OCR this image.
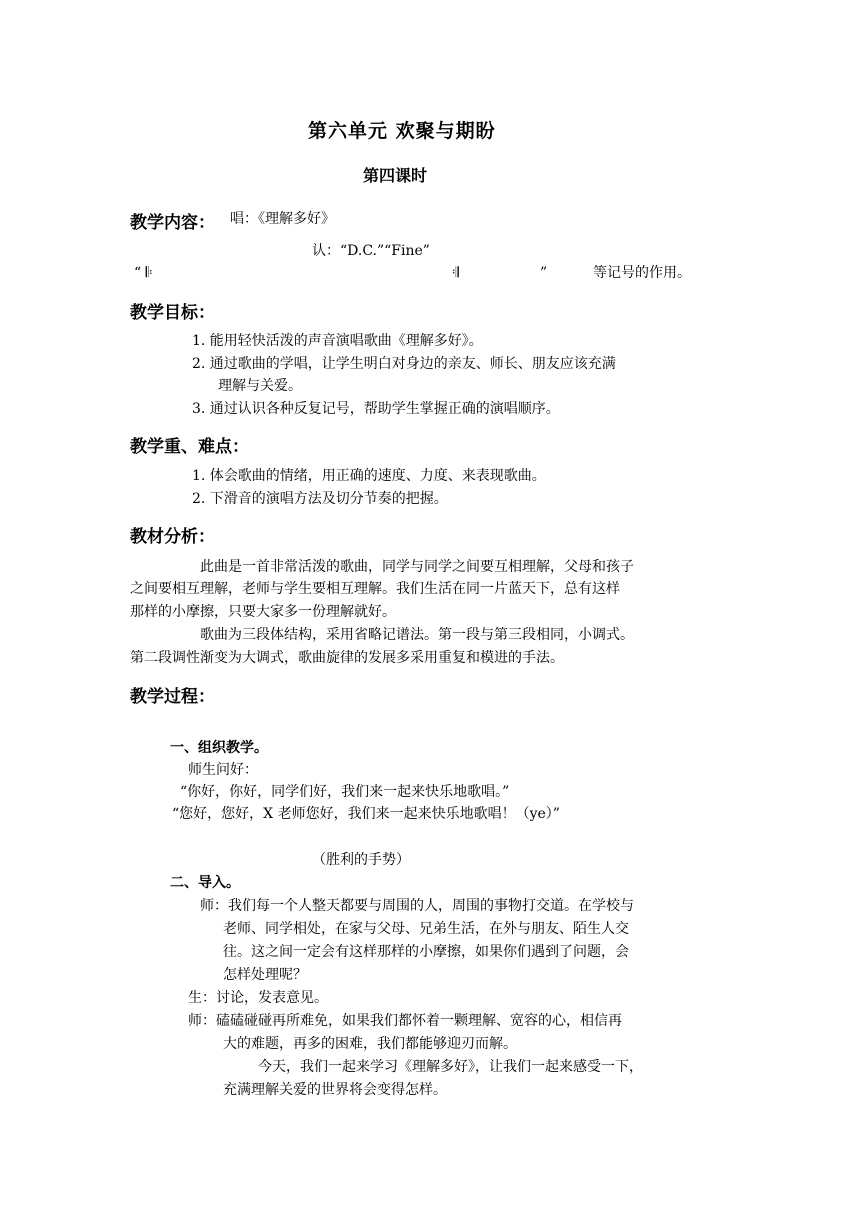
第六单元 欢聚与期盼
第四课时
教学内容： 唱：《理解多好》
认：“D.C.”“Fine”
“ 𝄆	𝄇	”	等记号的作用。
教学目标：
1. 能用轻快活泼的声音演唱歌曲《理解多好》。
2. 通过歌曲的学唱，让学生明白对身边的亲友、师长、朋友应该充满
理解与关爱。
3. 通过认识各种反复记号，帮助学生掌握正确的演唱顺序。
教学重、难点：
1. 体会歌曲的情绪，用正确的速度、力度、来表现歌曲。
2. 下滑音的演唱方法及切分节奏的把握。
教材分析：
此曲是一首非常活泼的歌曲，同学与同学之间要互相理解，父母和孩子
之间要相互理解，老师与学生要相互理解。我们生活在同一片蓝天下，总有这样
那样的小摩擦，只要大家多一份理解就好。
歌曲为三段体结构，采用省略记谱法。第一段与第三段相同，小调式。
第二段调性渐变为大调式，歌曲旋律的发展多采用重复和模进的手法。
教学过程：
一、组织教学。
师生问好：
“你好，你好，同学们好，我们来一起来快乐地歌唱。”
“您好，您好，X 老师您好，我们来一起来快乐地歌唱！（ye）”
（胜利的手势）
二、导入。
师：我们每一个人整天都要与周围的人，周围的事物打交道。在学校与
老师、同学相处，在家与父母、兄弟生活，在外与朋友、陌生人交
往。这之间一定会有这样那样的小摩擦，如果你们遇到了问题，会
怎样处理呢？
生：讨论，发表意见。
师：磕磕碰碰再所难免，如果我们都怀着一颗理解、宽容的心，相信再
大的难题，再多的困难，我们都能够迎刃而解。
今天，我们一起来学习《理解多好》，让我们一起来感受一下，
充满理解关爱的世界将会变得怎样。
